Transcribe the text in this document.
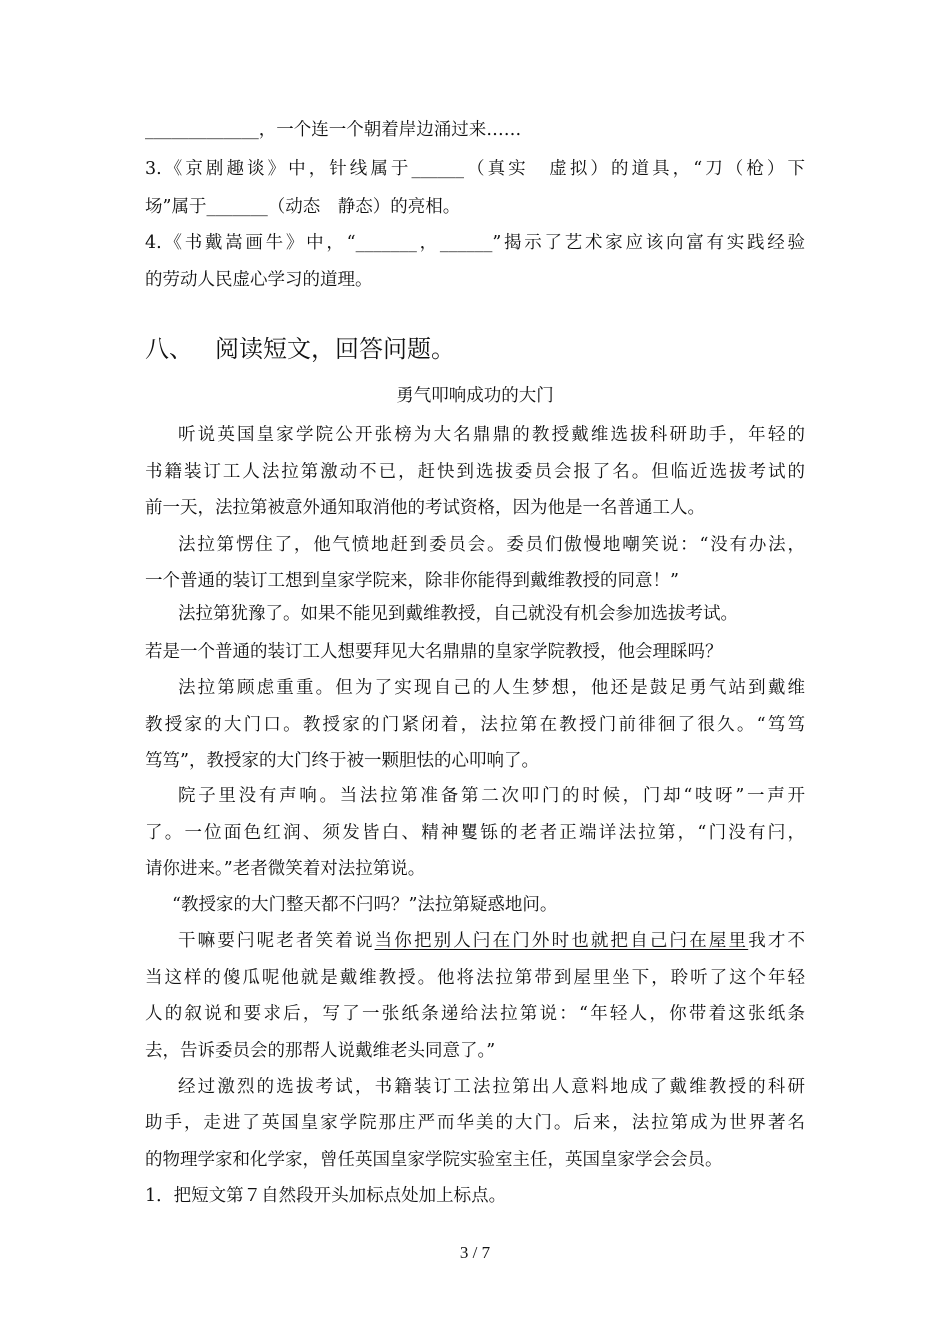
_____________，一个连一个朝着岸边涌过来……
3.《京剧趣谈》中，针线属于______（真实　虚拟）的道具，“刀（枪）下
场”属于_______（动态　静态）的亮相。
4.《书戴嵩画牛》中，“_______，______”揭示了艺术家应该向富有实践经验
的劳动人民虚心学习的道理。
八、 阅读短文，回答问题。
勇气叩响成功的大门
听说英国皇家学院公开张榜为大名鼎鼎的教授戴维选拔科研助手，年轻的
书籍装订工人法拉第激动不已，赶快到选拔委员会报了名。但临近选拔考试的
前一天，法拉第被意外通知取消他的考试资格，因为他是一名普通工人。
法拉第愣住了，他气愤地赶到委员会。委员们傲慢地嘲笑说：“没有办法，
一个普通的装订工想到皇家学院来，除非你能得到戴维教授的同意！”
法拉第犹豫了。如果不能见到戴维教授，自己就没有机会参加选拔考试。
若是一个普通的装订工人想要拜见大名鼎鼎的皇家学院教授，他会理睬吗？
法拉第顾虑重重。但为了实现自己的人生梦想，他还是鼓足勇气站到戴维
教授家的大门口。教授家的门紧闭着，法拉第在教授门前徘徊了很久。“笃笃
笃笃”，教授家的大门终于被一颗胆怯的心叩响了。
院子里没有声响。当法拉第准备第二次叩门的时候，门却“吱呀”一声开
了。一位面色红润、须发皆白、精神矍铄的老者正端详法拉第，“门没有闩，
请你进来。”老者微笑着对法拉第说。
“教授家的大门整天都不闩吗？”法拉第疑惑地问。
干嘛要闩呢老者笑着说当你把别人闩在门外时也就把自己闩在屋里我才不
当这样的傻瓜呢他就是戴维教授。他将法拉第带到屋里坐下，聆听了这个年轻
人的叙说和要求后，写了一张纸条递给法拉第说：“年轻人，你带着这张纸条
去，告诉委员会的那帮人说戴维老头同意了。”
经过激烈的选拔考试，书籍装订工法拉第出人意料地成了戴维教授的科研
助手，走进了英国皇家学院那庄严而华美的大门。后来，法拉第成为世界著名
的物理学家和化学家，曾任英国皇家学院实验室主任，英国皇家学会会员。
1．把短文第７自然段开头加标点处加上标点。
3 / 7
